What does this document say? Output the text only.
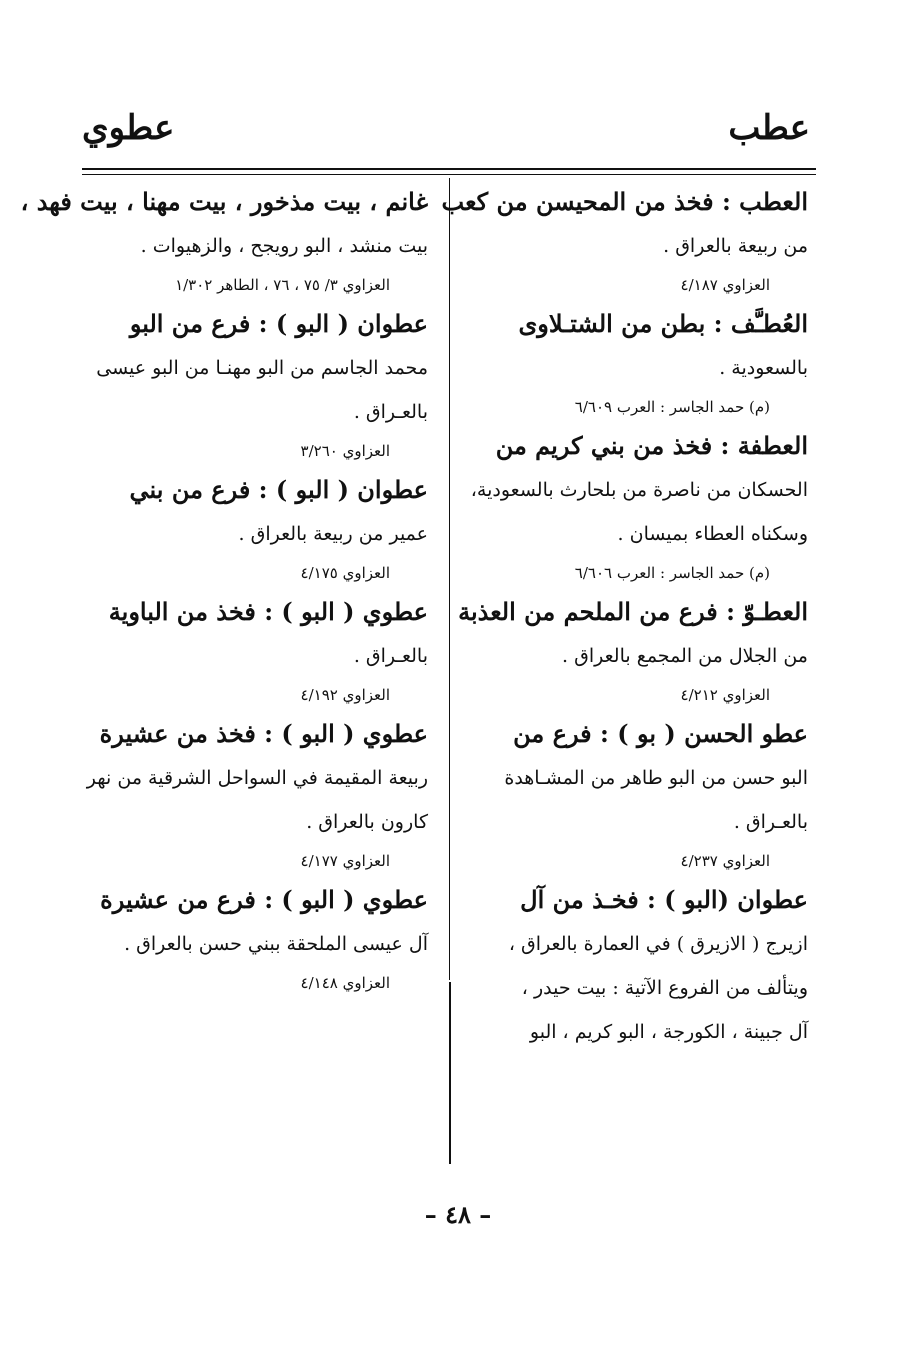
عطب
عطوي
العطب : فخذ من المحيسن من كعب
من ربيعة بالعراق .
العزاوي ٤/١٨٧
العُطـَّف : بطن من الشتـلاوى
بالسعودية .
(م) حمد الجاسر : العرب ٦/٦٠٩
العطفة : فخذ من بني كريم من
الحسكان من ناصرة من بلحارث بالسعودية،
وسكناه العطاء بميسان .
(م) حمد الجاسر : العرب ٦/٦٠٦
العطـوّ : فرع من الملحم من العذبة
من الجلال من المجمع بالعراق .
العزاوي ٤/٢١٢
عطو الحسن ( بو ) : فرع من
البو حسن من البو طاهر من المشـاهدة
بالعـراق .
العزاوي ٤/٢٣٧
عطوان (البو ) : فخـذ من آل
ازيرج ( الازيرق ) في العمارة بالعراق ،
ويتألف من الفروع الآتية : بيت حيدر ،
آل جبينة ، الكورجة ، البو كريم ، البو
غانم ، بيت مذخور ، بيت مهنا ، بيت فهد ،
بيت منشد ، البو رويجح ، والزهيوات .
العزاوي ٣/ ٧٥ ، ٧٦ ، الطاهر ١/٣٠٢
عطوان ( البو ) : فرع من البو
محمد الجاسم من البو مهنـا من البو عيسى
بالعـراق .
العزاوي ٣/٢٦٠
عطوان ( البو ) : فرع من بني
عمير من ربيعة بالعراق .
العزاوي ٤/١٧٥
عطوي ( البو ) : فخذ من الباوية
بالعـراق .
العزاوي ٤/١٩٢
عطوي ( البو ) : فخذ من عشيرة
ربيعة المقيمة في السواحل الشرقية من نهر
كارون بالعراق .
العزاوي ٤/١٧٧
عطوي ( البو ) : فرع من عشيرة
آل عيسى الملحقة ببني حسن بالعراق .
العزاوي ٤/١٤٨
– ٤٨ –
